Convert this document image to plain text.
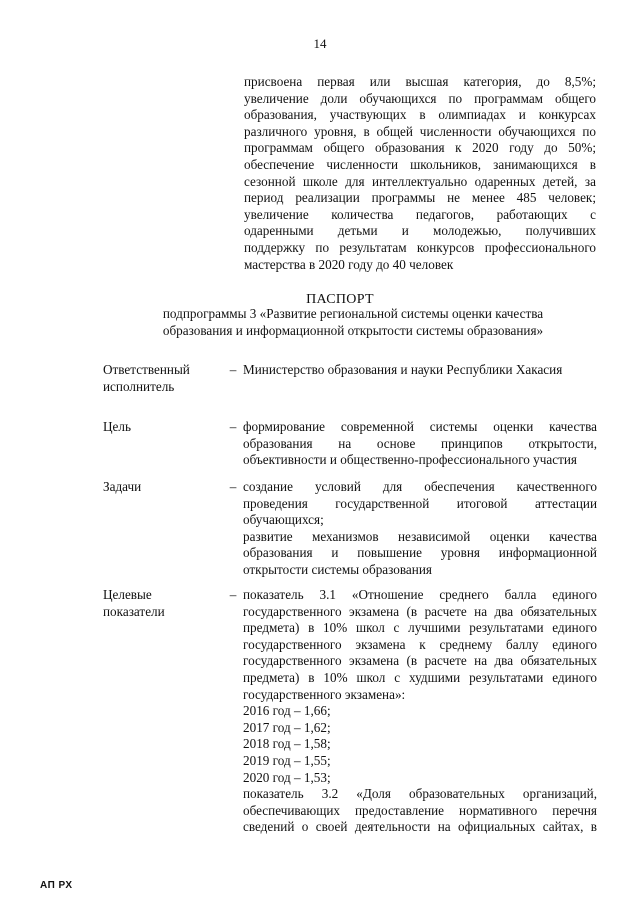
14
присвоена первая или высшая категория, до 8,5%;
увеличение доли обучающихся по программам общего
образования, участвующих в олимпиадах и конкурсах
различного уровня, в общей численности обучающихся по
программам общего образования к 2020 году до 50%;
обеспечение численности школьников, занимающихся в
сезонной школе для интеллектуально одаренных детей, за
период реализации программы не менее 485 человек;
увеличение количества педагогов, работающих с
одаренными детьми и молодежью, получивших
поддержку по результатам конкурсов профессионального
мастерства в 2020 году до 40 человек
ПАСПОРТ
подпрограммы 3 «Развитие региональной системы оценки качества
образования и информационной открытости системы образования»
Ответственный
исполнитель
– Министерство образования и науки Республики Хакасия
Цель	– формирование современной системы оценки качества
образования на основе принципов открытости,
объективности и общественно-профессионального участия
Задачи	– создание условий для обеспечения качественного
проведения государственной итоговой аттестации
обучающихся;
развитие механизмов независимой оценки качества
образования и повышение уровня информационной
открытости системы образования
Целевые
показатели
– показатель 3.1 «Отношение среднего балла единого
государственного экзамена (в расчете на два обязательных
предмета) в 10% школ с лучшими результатами единого
государственного экзамена к среднему баллу единого
государственного экзамена (в расчете на два обязательных
предмета) в 10% школ с худшими результатами единого
государственного экзамена»:
2016 год – 1,66;
2017 год – 1,62;
2018 год – 1,58;
2019 год – 1,55;
2020 год – 1,53;
показатель 3.2 «Доля образовательных организаций,
обеспечивающих предоставление нормативного перечня
сведений о своей деятельности на официальных сайтах, в
АП РХ
